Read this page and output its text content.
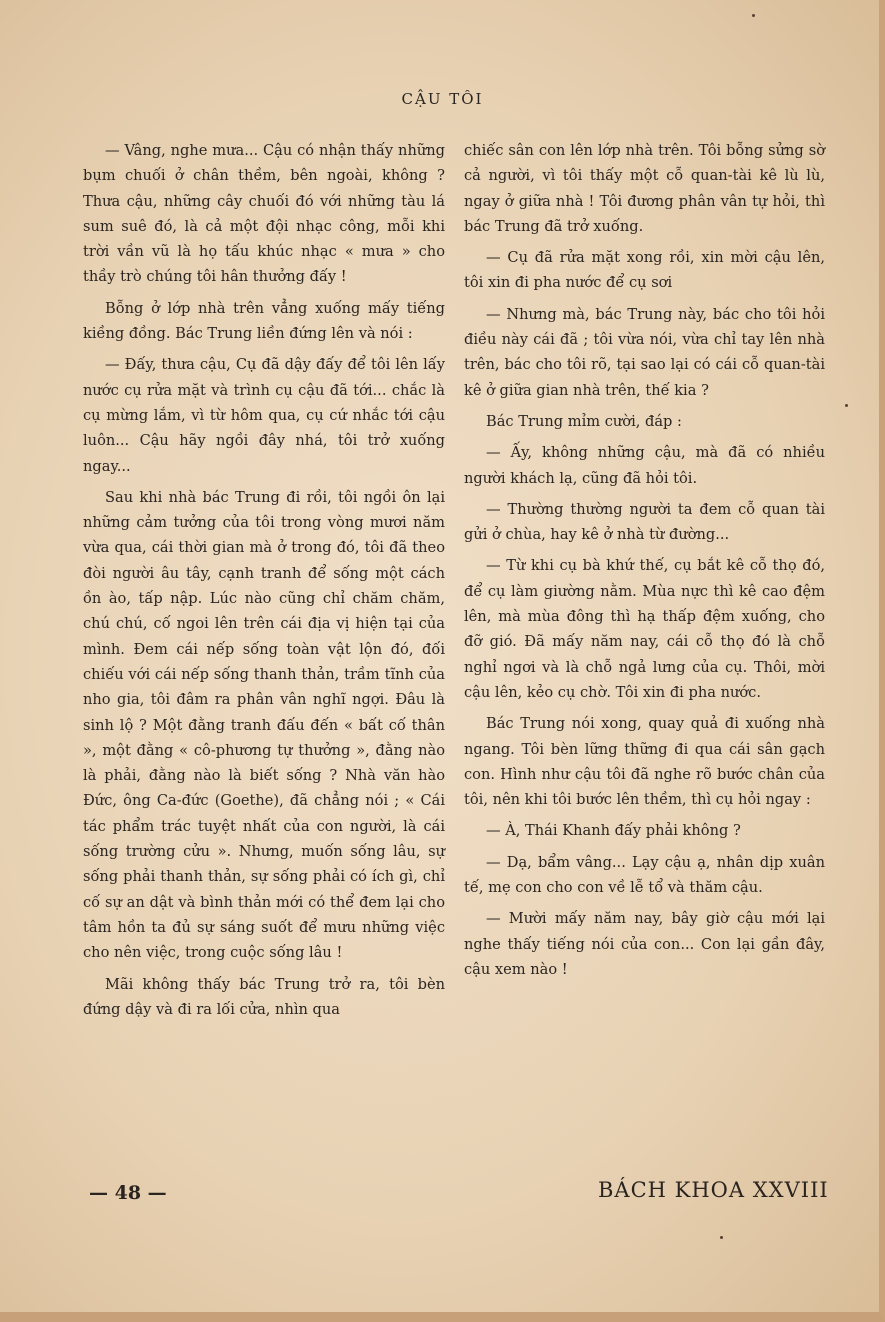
CẬU TÔI

— Vâng, nghe mưa... Cậu có nhận thấy những bụm chuối ở chân thềm, bên ngoài, không ? Thưa cậu, những cây chuối đó với những tàu lá sum suê đó, là cả một đội nhạc công, mỗi khi trời vần vũ là họ tấu khúc nhạc « mưa » cho thầy trò chúng tôi hân thưởng đấy !

Bỗng ở lớp nhà trên vẳng xuống mấy tiếng kiềng đồng. Bác Trung liền đứng lên và nói :

— Đấy, thưa cậu, Cụ đã dậy đấy để tôi lên lấy nước cụ rửa mặt và trình cụ cậu đã tới... chắc là cụ mừng lắm, vì từ hôm qua, cụ cứ nhắc tới cậu luôn... Cậu hãy ngồi đây nhá, tôi trở xuống ngay...

Sau khi nhà bác Trung đi rồi, tôi ngồi ôn lại những cảm tưởng của tôi trong vòng mươi năm vừa qua, cái thời gian mà ở trong đó, tôi đã theo đòi người âu tây, cạnh tranh để sống một cách ồn ào, tấp nập. Lúc nào cũng chỉ chăm chăm, chú chú, cố ngoi lên trên cái địa vị hiện tại của mình. Đem cái nếp sống toàn vật lộn đó, đối chiếu với cái nếp sống thanh thản, trầm tĩnh của nho gia, tôi đâm ra phân vân nghĩ ngợi. Đâu là sinh lộ ? Một đằng tranh đấu đến « bất cố thân », một đằng « cô-phương tự thưởng », đằng nào là phải, đằng nào là biết sống ? Nhà văn hào Đức, ông Ca-đức (Goethe), đã chẳng nói ; « Cái tác phẩm trác tuyệt nhất của con người, là cái sống trường cửu ». Nhưng, muốn sống lâu, sự sống phải thanh thản, sự sống phải có ích gì, chỉ cố sự an dật và bình thản mới có thể đem lại cho tâm hồn ta đủ sự sáng suốt để mưu những việc cho nên việc, trong cuộc sống lâu !

Mãi không thấy bác Trung trở ra, tôi bèn đứng dậy và đi ra lối cửa, nhìn qua

chiếc sân con lên lớp nhà trên. Tôi bỗng sửng sờ cả người, vì tôi thấy một cỗ quan-tài kê lù lù, ngay ở giữa nhà ! Tôi đương phân vân tự hỏi, thì bác Trung đã trở xuống.

— Cụ đã rửa mặt xong rồi, xin mời cậu lên, tôi xin đi pha nước để cụ sơi

— Nhưng mà, bác Trung này, bác cho tôi hỏi điều này cái đã ; tôi vừa nói, vừa chỉ tay lên nhà trên, bác cho tôi rõ, tại sao lại có cái cỗ quan-tài kê ở giữa gian nhà trên, thế kia ?

Bác Trung mỉm cười, đáp :

— Ấy, không những cậu, mà đã có nhiều người khách lạ, cũng đã hỏi tôi.

— Thường thường người ta đem cỗ quan tài gửi ở chùa, hay kê ở nhà từ đường...

— Từ khi cụ bà khứ thế, cụ bắt kê cỗ thọ đó, để cụ làm giường nằm. Mùa nực thì kê cao đệm lên, mà mùa đông thì hạ thấp đệm xuống, cho đỡ gió. Đã mấy năm nay, cái cỗ thọ đó là chỗ nghỉ ngơi và là chỗ ngả lưng của cụ. Thôi, mời cậu lên, kẻo cụ chờ. Tôi xin đi pha nước.

Bác Trung nói xong, quay quả đi xuống nhà ngang. Tôi bèn lững thững đi qua cái sân gạch con. Hình như cậu tôi đã nghe rõ bước chân của tôi, nên khi tôi bước lên thềm, thì cụ hỏi ngay :

— À, Thái Khanh đấy phải không ?

— Dạ, bẩm vâng... Lạy cậu ạ, nhân dịp xuân tế, mẹ con cho con về lễ tổ và thăm cậu.

— Mười mấy năm nay, bây giờ cậu mới lại nghe thấy tiếng nói của con... Con lại gần đây, cậu xem nào !

— 48 —	BÁCH KHOA XXVIII
